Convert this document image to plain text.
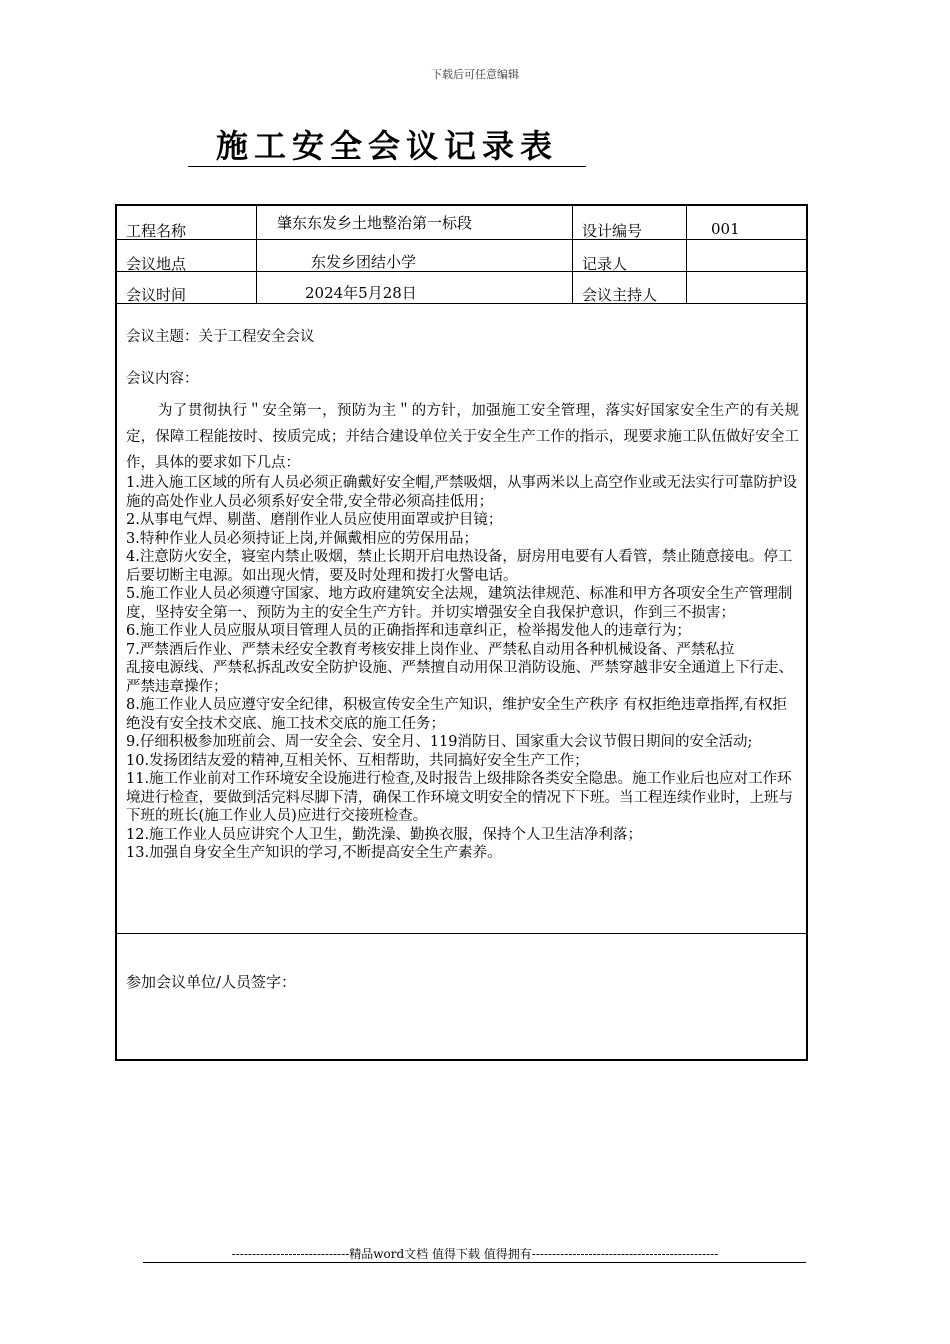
下载后可任意编辑
施工安全会议记录表
工程名称	肇东东发乡土地整治第一标段	设计编号	001
会议地点	东发乡团结小学	记录人
会议时间	2024年5月28日	会议主持人
会议主题：关于工程安全会议
会议内容：
为了贯彻执行＂安全第一，预防为主＂的方针，加强施工安全管理，落实好国家安全生产的有关规定，保障工程能按时、按质完成；并结合建设单位关于安全生产工作的指示，现要求施工队伍做好安全工作，具体的要求如下几点：
1.进入施工区域的所有人员必须正确戴好安全帽,严禁吸烟，从事两米以上高空作业或无法实行可靠防护设施的高处作业人员必须系好安全带,安全带必须高挂低用；
2.从事电气焊、剔凿、磨削作业人员应使用面罩或护目镜；
3.特种作业人员必须持证上岗,并佩戴相应的劳保用品；
4.注意防火安全，寝室内禁止吸烟，禁止长期开启电热设备，厨房用电要有人看管，禁止随意接电。停工后要切断主电源。如出现火情，要及时处理和拨打火警电话。
5.施工作业人员必须遵守国家、地方政府建筑安全法规，建筑法律规范、标准和甲方各项安全生产管理制度，坚持安全第一、预防为主的安全生产方针。并切实增强安全自我保护意识，作到三不损害；
6.施工作业人员应服从项目管理人员的正确指挥和违章纠正，检举揭发他人的违章行为；
7.严禁酒后作业、严禁未经安全教育考核安排上岗作业、严禁私自动用各种机械设备、严禁私拉
乱接电源线、严禁私拆乱改安全防护设施、严禁擅自动用保卫消防设施、严禁穿越非安全通道上下行走、严禁违章操作；
8.施工作业人员应遵守安全纪律，积极宣传安全生产知识，维护安全生产秩序 有权拒绝违章指挥,有权拒绝没有安全技术交底、施工技术交底的施工任务；
9.仔细积极参加班前会、周一安全会、安全月、119消防日、国家重大会议节假日期间的安全活动;
10.发扬团结友爱的精神,互相关怀、互相帮助，共同搞好安全生产工作；
11.施工作业前对工作环境安全设施进行检查,及时报告上级排除各类安全隐患。施工作业后也应对工作环境进行检查，要做到活完料尽脚下清，确保工作环境文明安全的情况下下班。当工程连续作业时，上班与下班的班长(施工作业人员)应进行交接班检查。
12.施工作业人员应讲究个人卫生，勤洗澡、勤换衣服，保持个人卫生洁净利落；
13.加强自身安全生产知识的学习,不断提高安全生产素养。
参加会议单位/人员签字：
-----------------------------精品word文档 值得下载 值得拥有----------------------------------------------
